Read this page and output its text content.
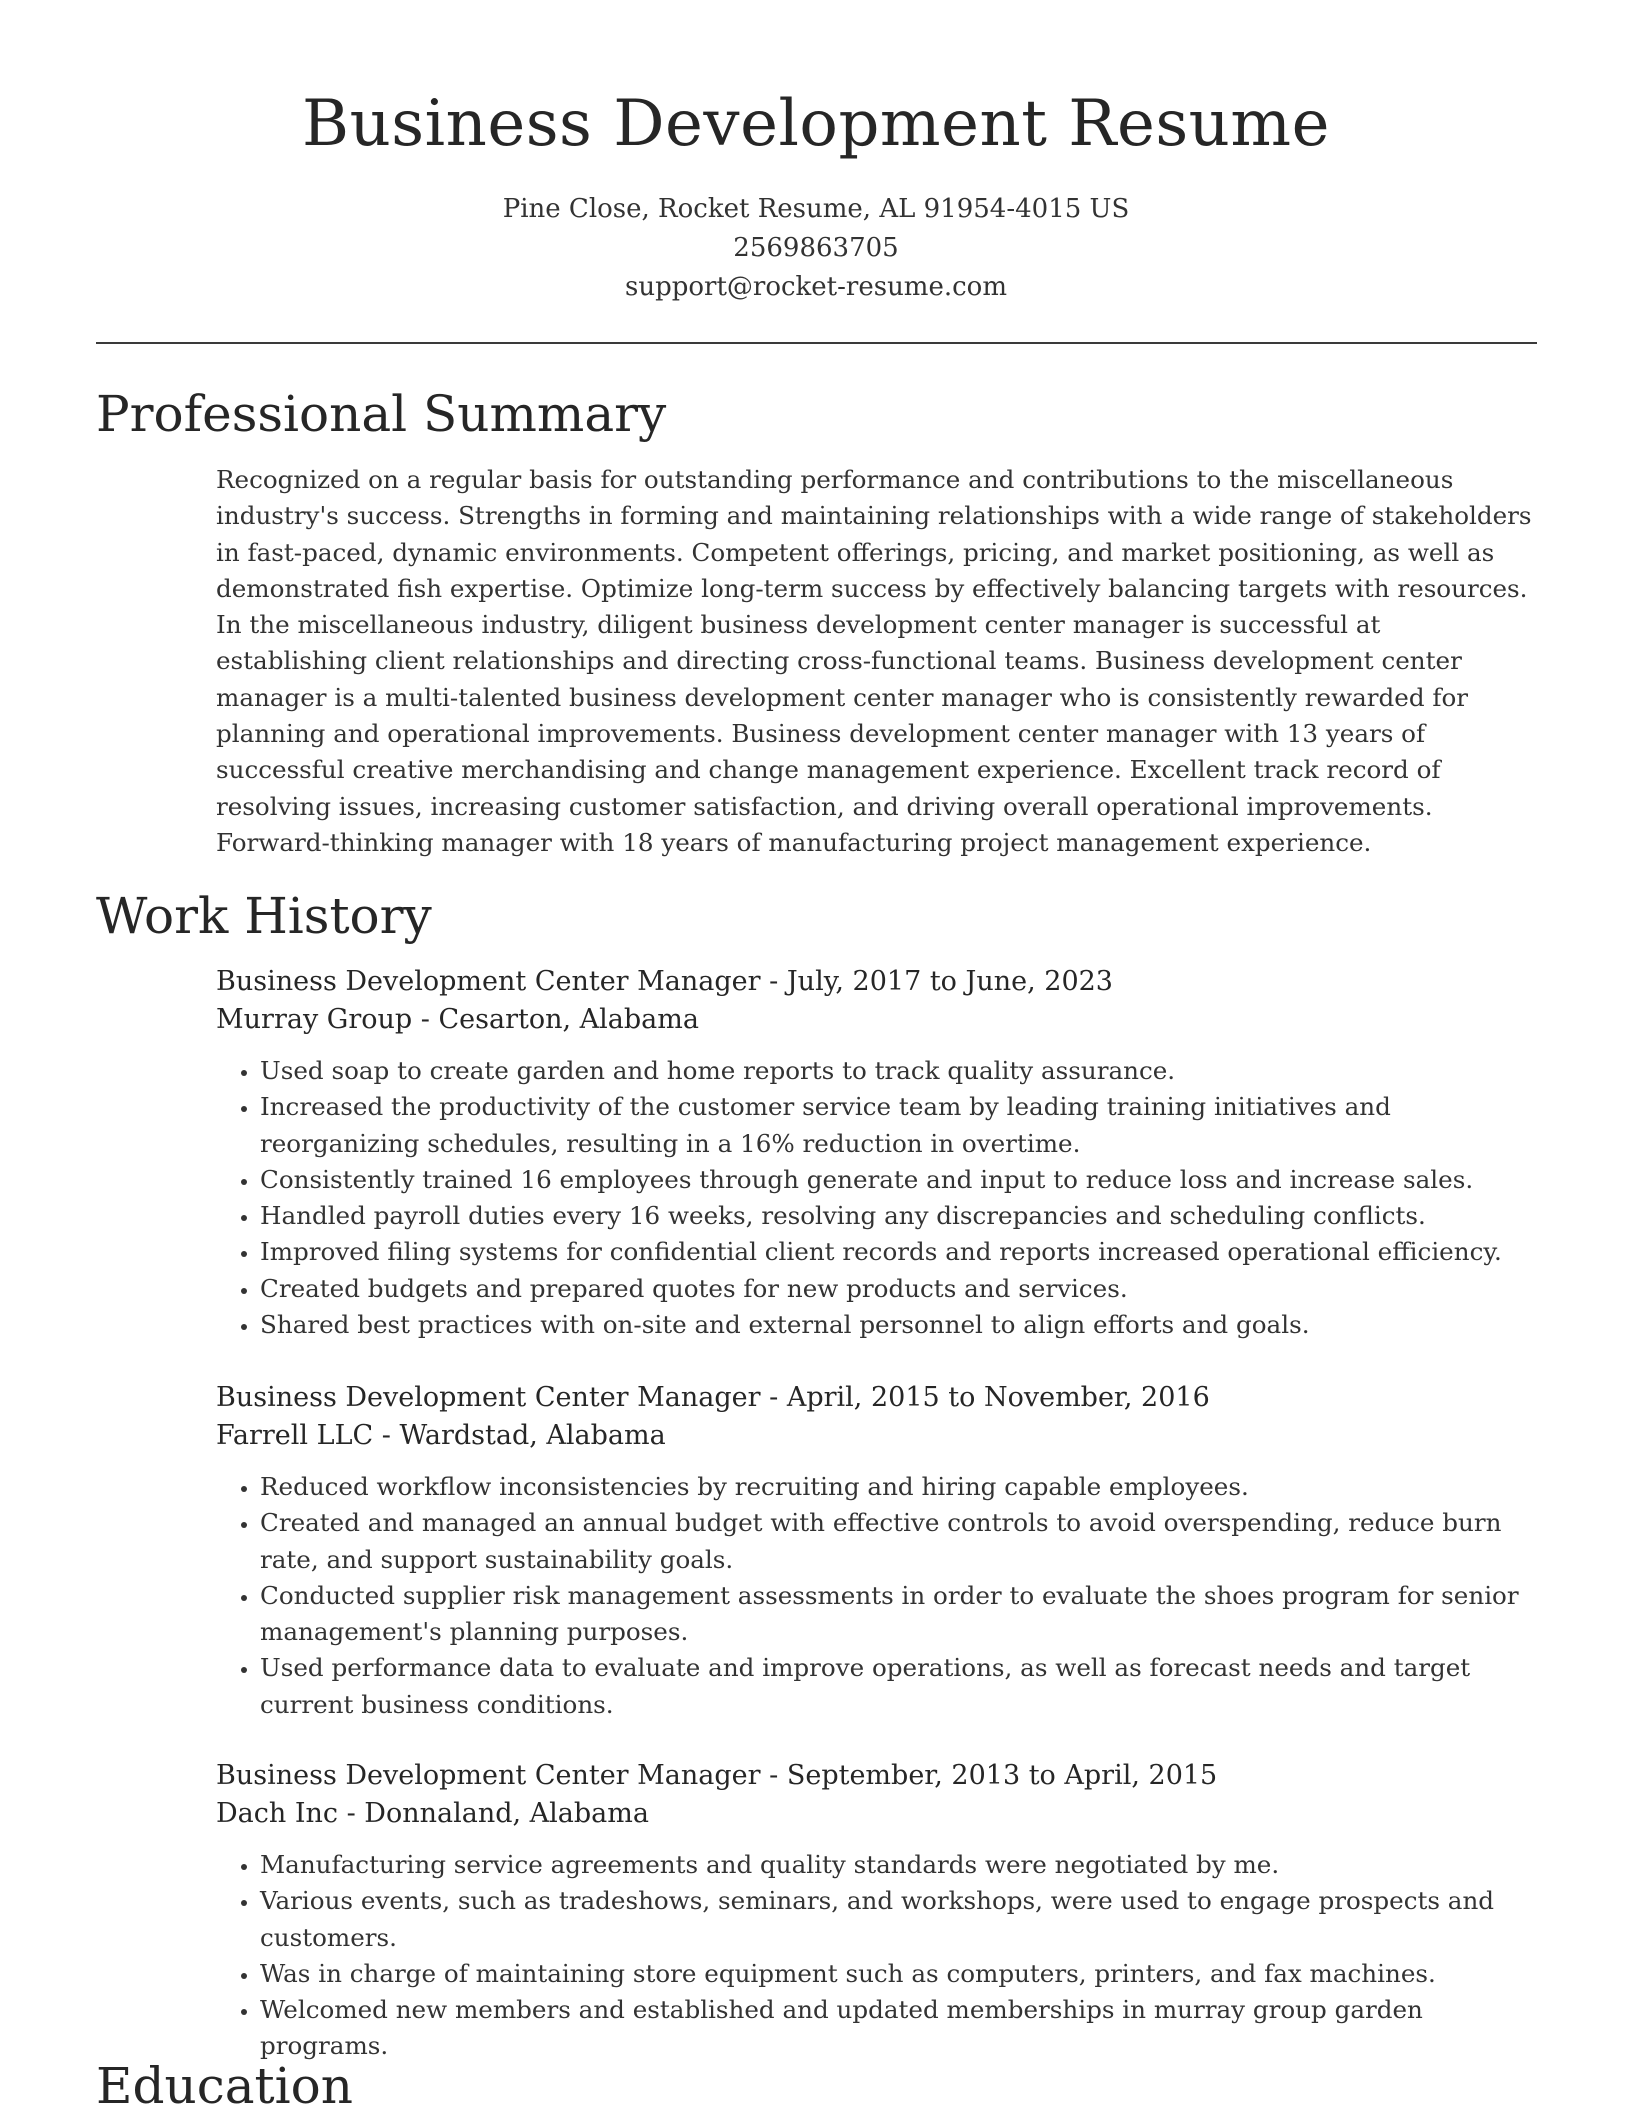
Business Development Resume
Pine Close, Rocket Resume, AL 91954-4015 US
2569863705
support@rocket-resume.com
Professional Summary

Recognized on a regular basis for outstanding performance and contributions to the miscellaneous industry's success. Strengths in forming and maintaining relationships with a wide range of stakeholders in fast-paced, dynamic environments. Competent offerings, pricing, and market positioning, as well as demonstrated fish expertise. Optimize long-term success by effectively balancing targets with resources. In the miscellaneous industry, diligent business development center manager is successful at establishing client relationships and directing cross-functional teams. Business development center manager is a multi-talented business development center manager who is consistently rewarded for planning and operational improvements. Business development center manager with 13 years of successful creative merchandising and change management experience. Excellent track record of resolving issues, increasing customer satisfaction, and driving overall operational improvements. Forward-thinking manager with 18 years of manufacturing project management experience.

Work History

Business Development Center Manager - July, 2017 to June, 2023

Murray Group - Cesarton, Alabama

• Used soap to create garden and home reports to track quality assurance.
• Increased the productivity of the customer service team by leading training initiatives and reorganizing schedules, resulting in a 16% reduction in overtime.
• Consistently trained 16 employees through generate and input to reduce loss and increase sales.
• Handled payroll duties every 16 weeks, resolving any discrepancies and scheduling conflicts.
• Improved filing systems for confidential client records and reports increased operational efficiency.
• Created budgets and prepared quotes for new products and services.
• Shared best practices with on-site and external personnel to align efforts and goals.

Business Development Center Manager - April, 2015 to November, 2016

Farrell LLC - Wardstad, Alabama

• Reduced workflow inconsistencies by recruiting and hiring capable employees.
• Created and managed an annual budget with effective controls to avoid overspending, reduce burn rate, and support sustainability goals.
• Conducted supplier risk management assessments in order to evaluate the shoes program for senior management's planning purposes.
• Used performance data to evaluate and improve operations, as well as forecast needs and target current business conditions.

Business Development Center Manager - September, 2013 to April, 2015

Dach Inc - Donnaland, Alabama

• Manufacturing service agreements and quality standards were negotiated by me.
• Various events, such as tradeshows, seminars, and workshops, were used to engage prospects and customers.
• Was in charge of maintaining store equipment such as computers, printers, and fax machines.
• Welcomed new members and established and updated memberships in murray group garden programs.
Education
